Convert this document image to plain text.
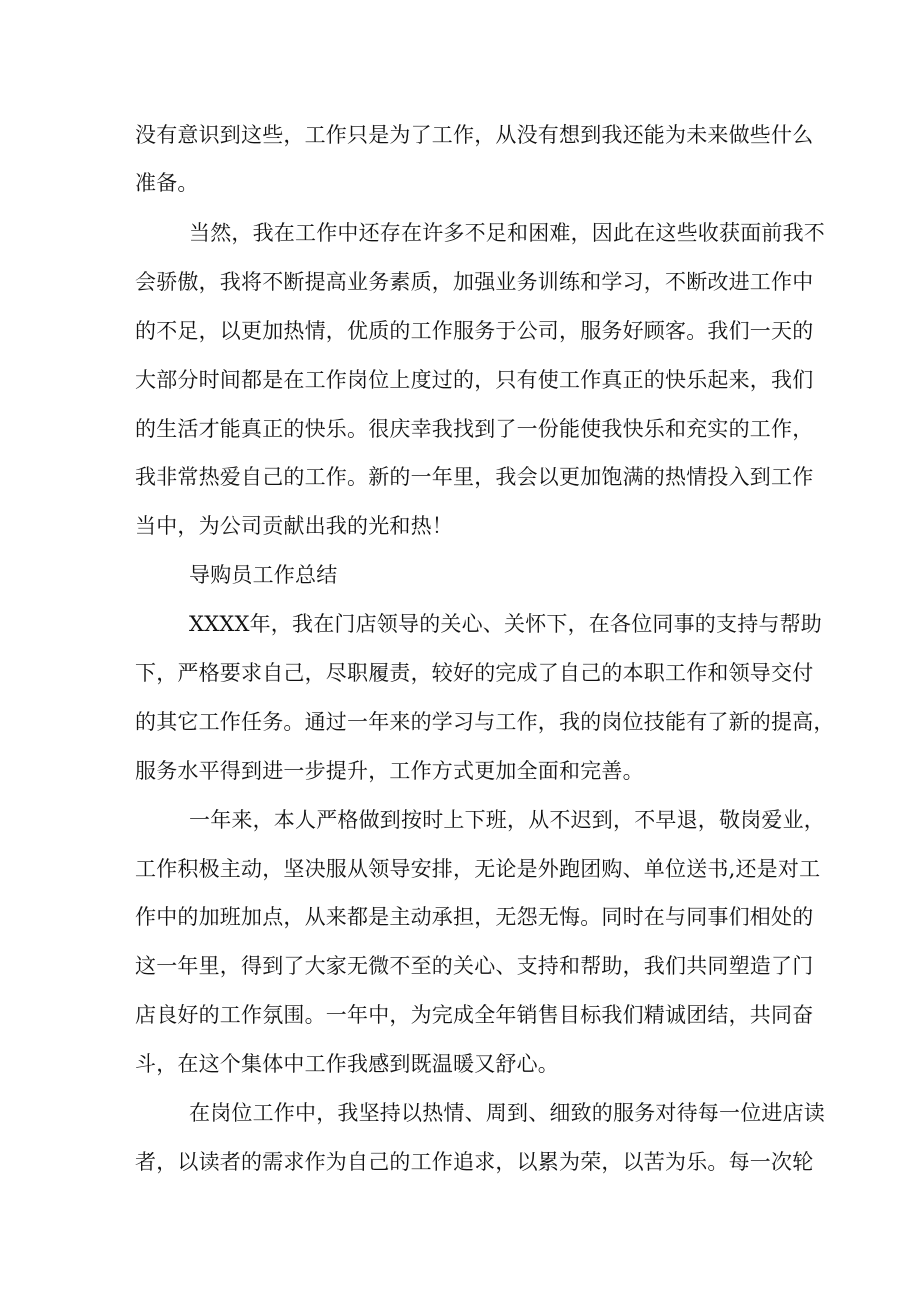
没有意识到这些，工作只是为了工作，从没有想到我还能为未来做些什么
准备。
当然，我在工作中还存在许多不足和困难，因此在这些收获面前我不
会骄傲，我将不断提高业务素质，加强业务训练和学习，不断改进工作中
的不足，以更加热情，优质的工作服务于公司，服务好顾客。我们一天的
大部分时间都是在工作岗位上度过的，只有使工作真正的快乐起来，我们
的生活才能真正的快乐。很庆幸我找到了一份能使我快乐和充实的工作，
我非常热爱自己的工作。新的一年里，我会以更加饱满的热情投入到工作
当中，为公司贡献出我的光和热！
导购员工作总结
XXXX年，我在门店领导的关心、关怀下，在各位同事的支持与帮助
下，严格要求自己，尽职履责，较好的完成了自己的本职工作和领导交付
的其它工作任务。通过一年来的学习与工作，我的岗位技能有了新的提高，
服务水平得到进一步提升，工作方式更加全面和完善。
一年来，本人严格做到按时上下班，从不迟到，不早退，敬岗爱业，
工作积极主动，坚决服从领导安排，无论是外跑团购、单位送书,还是对工
作中的加班加点，从来都是主动承担，无怨无悔。同时在与同事们相处的
这一年里，得到了大家无微不至的关心、支持和帮助，我们共同塑造了门
店良好的工作氛围。一年中，为完成全年销售目标我们精诚团结，共同奋
斗，在这个集体中工作我感到既温暖又舒心。
在岗位工作中，我坚持以热情、周到、细致的服务对待每一位进店读
者，以读者的需求作为自己的工作追求，以累为荣，以苦为乐。每一次轮
